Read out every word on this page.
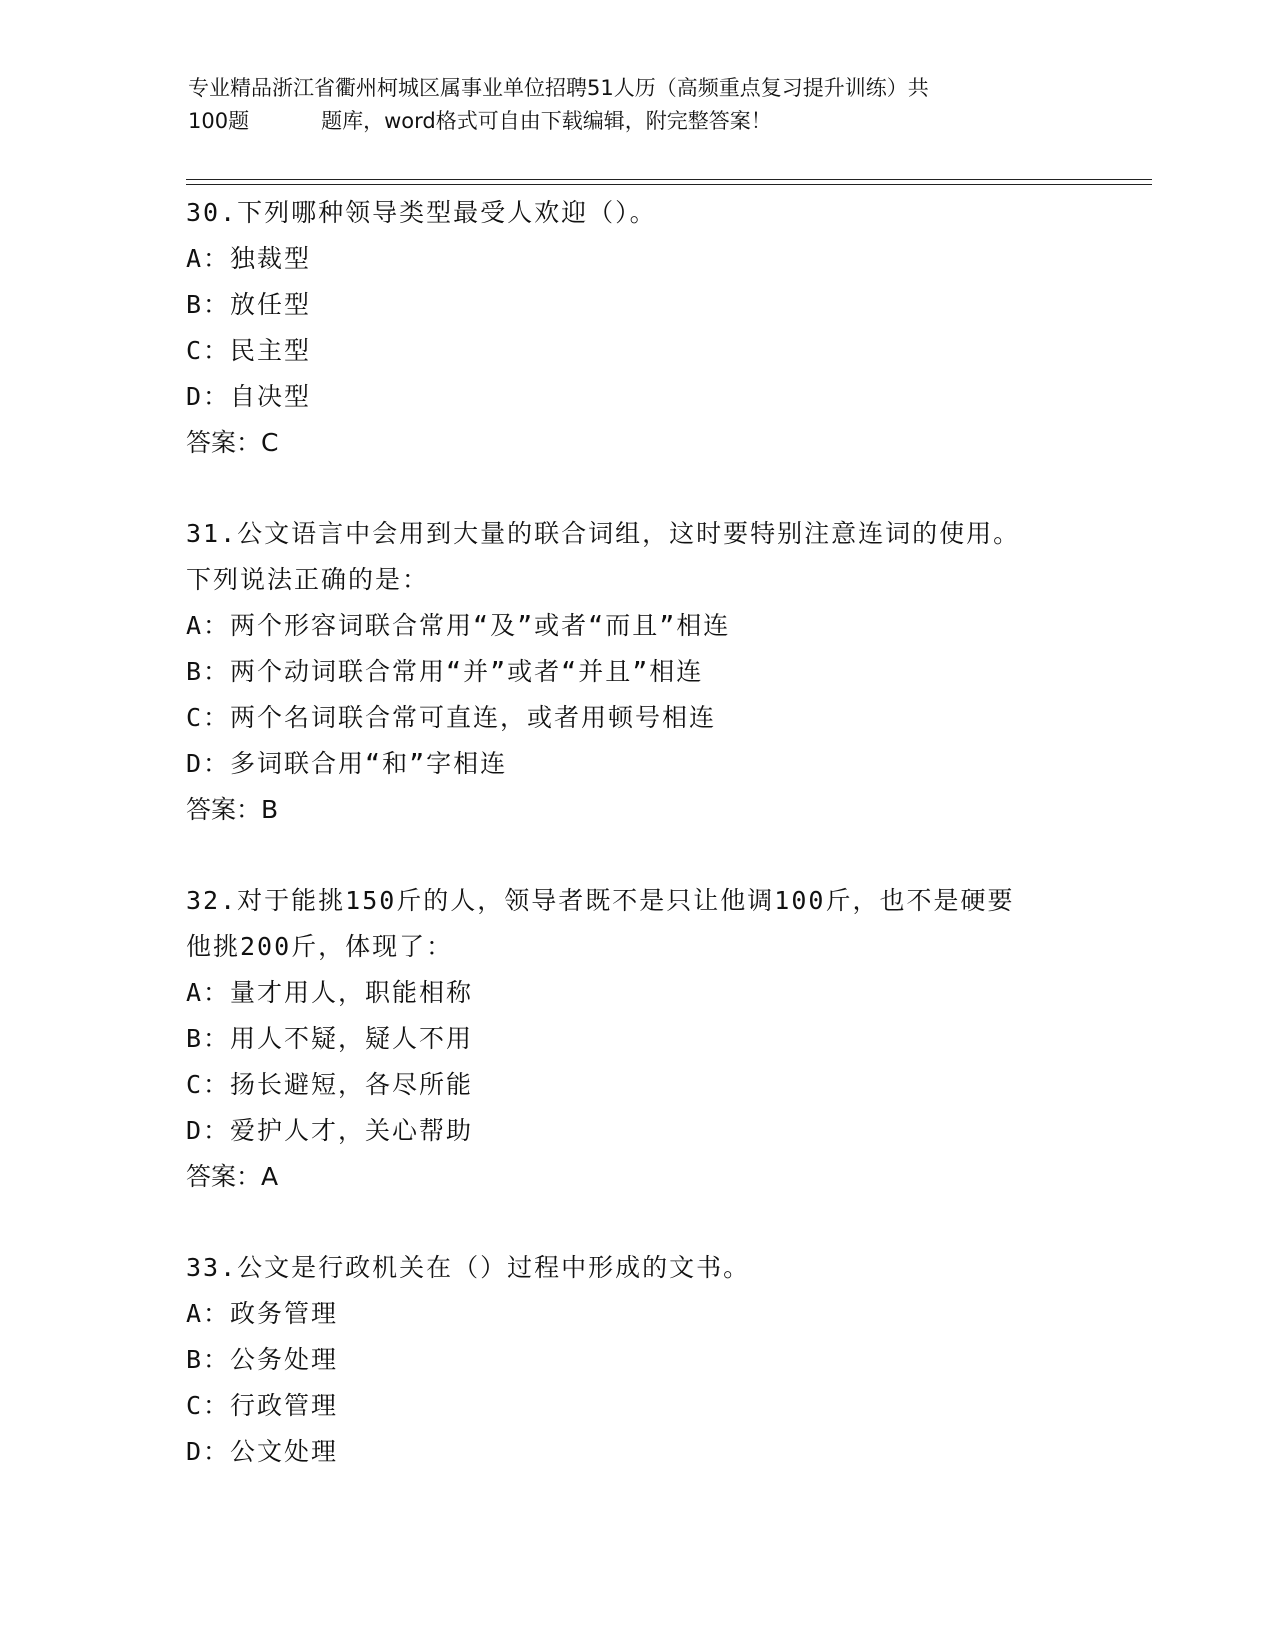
专业精品浙江省衢州柯城区属事业单位招聘51人历（高频重点复习提升训练）共
100题	题库，word格式可自由下载编辑，附完整答案！
30.下列哪种领导类型最受人欢迎（）。
A：独裁型
B：放任型
C：民主型
D：自决型
答案：C
31.公文语言中会用到大量的联合词组，这时要特别注意连词的使用。
下列说法正确的是：
A：两个形容词联合常用“及”或者“而且”相连
B：两个动词联合常用“并”或者“并且”相连
C：两个名词联合常可直连，或者用顿号相连
D：多词联合用“和”字相连
答案：B
32.对于能挑150斤的人，领导者既不是只让他调100斤，也不是硬要
他挑200斤，体现了：
A：量才用人，职能相称
B：用人不疑，疑人不用
C：扬长避短，各尽所能
D：爱护人才，关心帮助
答案：A
33.公文是行政机关在（）过程中形成的文书。
A：政务管理
B：公务处理
C：行政管理
D：公文处理
